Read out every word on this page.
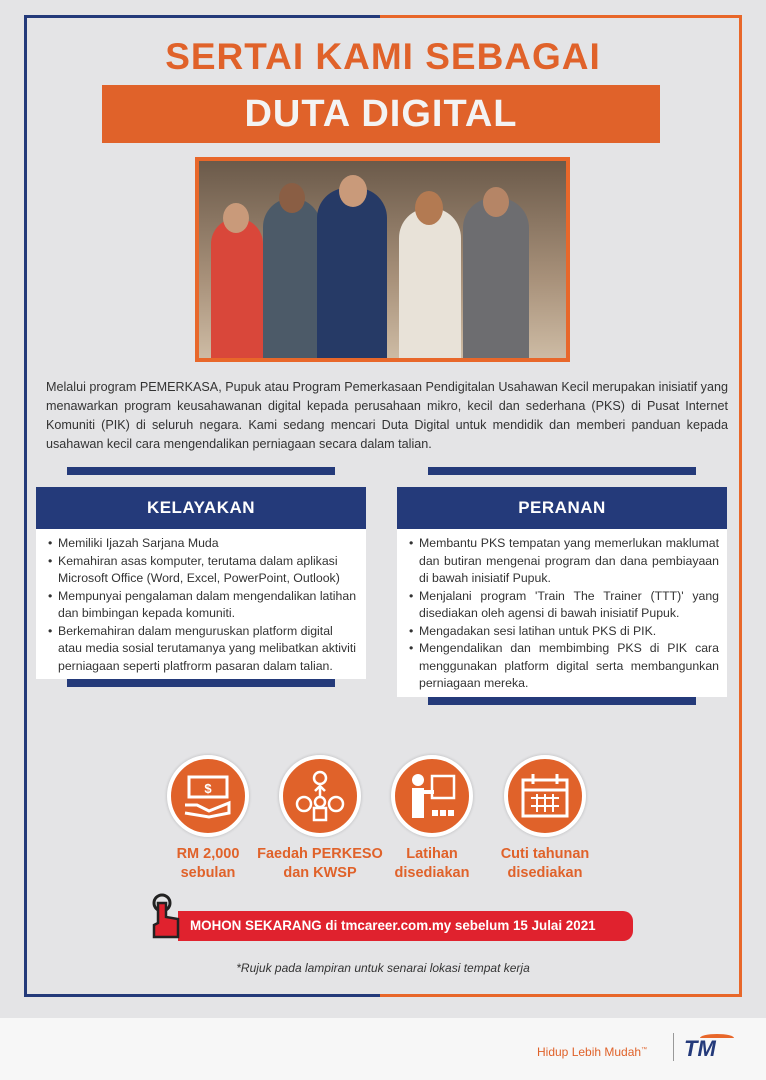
SERTAI KAMI SEBAGAI
DUTA DIGITAL

Melalui program PEMERKASA, Pupuk atau Program Pemerkasaan Pendigitalan Usahawan Kecil merupakan inisiatif yang menawarkan program keusahawanan digital kepada perusahaan mikro, kecil dan sederhana (PKS) di Pusat Internet Komuniti (PIK) di seluruh negara. Kami sedang mencari Duta Digital untuk mendidik dan memberi panduan kepada usahawan kecil cara mengendalikan perniagaan secara dalam talian.

KELAYAKAN
• Memiliki Ijazah Sarjana Muda
• Kemahiran asas komputer, terutama dalam aplikasi Microsoft Office (Word, Excel, PowerPoint, Outlook)
• Mempunyai pengalaman dalam mengendalikan latihan dan bimbingan kepada komuniti.
• Berkemahiran dalam menguruskan platform digital atau media sosial terutamanya yang melibatkan aktiviti perniagaan seperti platfrorm pasaran dalam talian.
PERANAN
• Membantu PKS tempatan yang memerlukan maklumat dan butiran mengenai program dan dana pembiayaan di bawah inisiatif Pupuk.
• Menjalani program 'Train The Trainer (TTT)' yang disediakan oleh agensi di bawah inisiatif Pupuk.
• Mengadakan sesi latihan untuk PKS di PIK.
• Mengendalikan dan membimbing PKS di PIK cara menggunakan platform digital serta membangunkan perniagaan mereka.
$
RM 2,000
sebulan
Faedah PERKESO
dan KWSP
Latihan
disediakan
Cuti tahunan
disediakan
MOHON SEKARANG di tmcareer.com.my sebelum 15 Julai 2021
*Rujuk pada lampiran untuk senarai lokasi tempat kerja
Hidup Lebih Mudah™ TM
